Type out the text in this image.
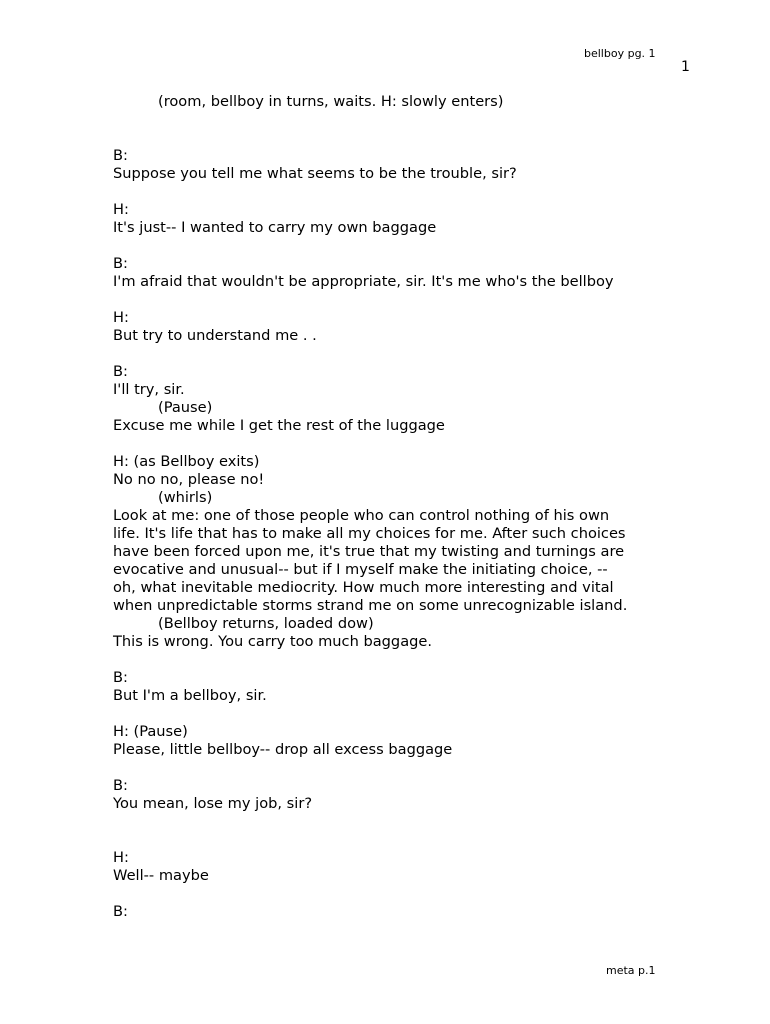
bellboy pg. 1
1
(room, bellboy in turns, waits. H: slowly enters)
B:
Suppose you tell me what seems to be the trouble, sir?
H:
It's just-- I wanted to carry my own baggage
B:
I'm afraid that wouldn't be appropriate, sir. It's me who's the bellboy
H:
But try to understand me . .
B:
I'll try, sir.
(Pause)
Excuse me while I get the rest of the luggage
H: (as Bellboy exits)
No no no, please no!
(whirls)
Look at me: one of those people who can control nothing of his own
life. It's life that has to make all my choices for me. After such choices
have been forced upon me, it's true that my twisting and turnings are
evocative and unusual-- but if I myself make the initiating choice, --
oh, what inevitable mediocrity. How much more interesting and vital
when unpredictable storms strand me on some unrecognizable island.
(Bellboy returns, loaded dow)
This is wrong. You carry too much baggage.
B:
But I'm a bellboy, sir.
H: (Pause)
Please, little bellboy-- drop all excess baggage
B:
You mean, lose my job, sir?
H:
Well-- maybe
B:
meta p.1
